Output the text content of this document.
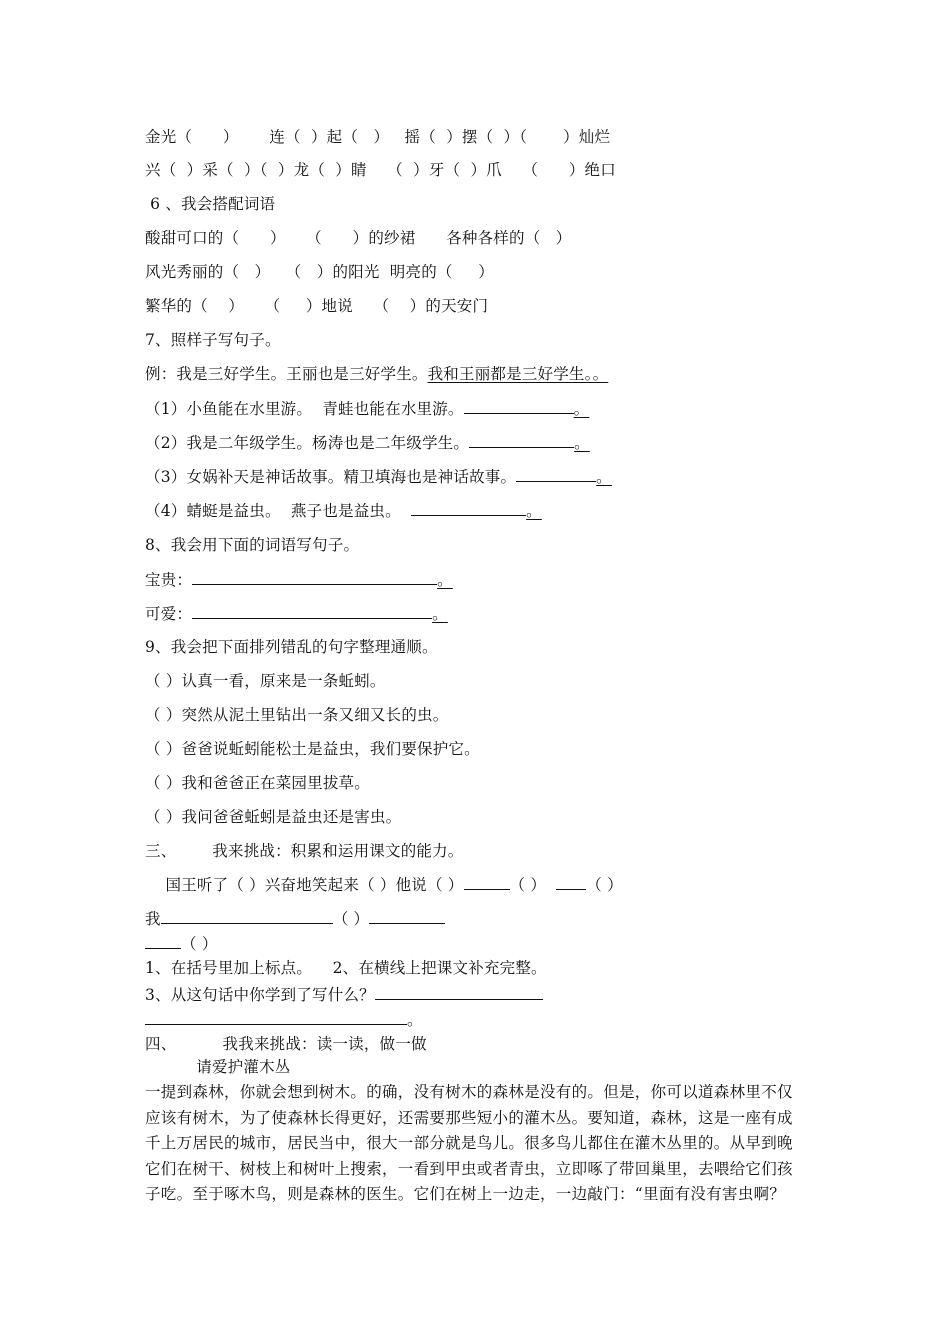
金光（      ）      连（  ）起（   ）   摇（  ）摆（  ）（       ）灿烂
兴（  ）采（  ）（  ）龙（  ）睛    （  ）牙（  ）爪    （      ）绝口
6 、我会搭配词语
酸甜可口的（      ）    （      ）的纱裙      各种各样的（   ）
风光秀丽的（   ）   （   ）的阳光  明亮的（     ）
繁华的（    ）    （     ）地说    （    ）的天安门
7、照样子写句子。
例：我是三好学生。王丽也是三好学生。我和王丽都是三好学生。。
（1）小鱼能在水里游。  青蛙也能在水里游。	。
（2）我是二年级学生。杨涛也是二年级学生。	。
（3）女娲补天是神话故事。精卫填海也是神话故事。	。
（4）蜻蜓是益虫。  燕子也是益虫。	。
8、我会用下面的词语写句子。
宝贵：	。
可爱：	。
9、我会把下面排列错乱的句字整理通顺。
（ ）认真一看，原来是一条蚯蚓。
（ ）突然从泥土里钻出一条又细又长的虫。
（ ）爸爸说蚯蚓能松土是益虫，我们要保护它。
（ ）我和爸爸正在菜园里拔草。
（ ）我问爸爸蚯蚓是益虫还是害虫。
三、       我来挑战：积累和运用课文的能力。
国王听了（ ）兴奋地笑起来（ ）他说（ ）	（ ）	（ ）
我	（ ）
（ ）
1、在括号里加上标点。    2、在横线上把课文补充完整。
3、从这句话中你学到了写什么？
。
四、         我我来挑战：读一读，做一做
请爱护灌木丛
一提到森林，你就会想到树木。的确，没有树木的森林是没有的。但是，你可以道森林里不仅
应该有树木，为了使森林长得更好，还需要那些短小的灌木丛。要知道，森林，这是一座有成
千上万居民的城市，居民当中，很大一部分就是鸟儿。很多鸟儿都住在灌木丛里的。从早到晚
它们在树干、树枝上和树叶上搜索，一看到甲虫或者青虫，立即啄了带回巢里，去喂给它们孩
子吃。至于啄木鸟，则是森林的医生。它们在树上一边走，一边敲门：“里面有没有害虫啊？
